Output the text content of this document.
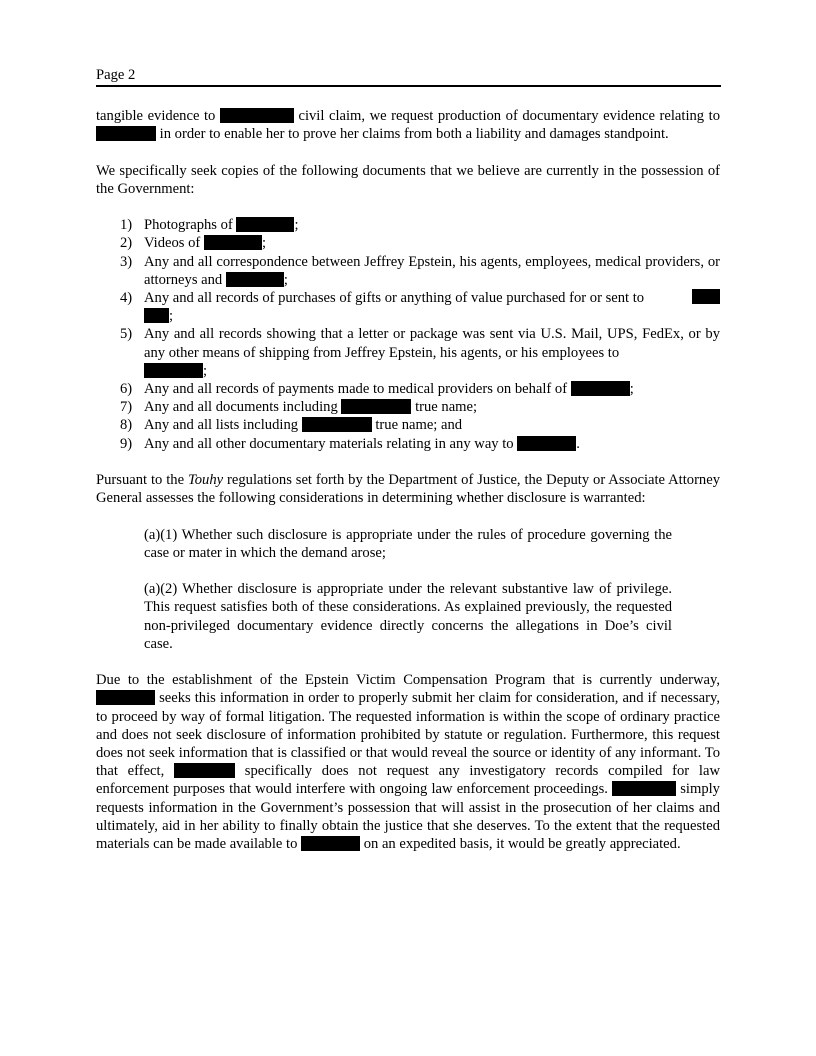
Page 2

tangible evidence to	civil claim, we request production of documentary evidence relating to  in order to enable her to prove her claims from both a liability and damages standpoint.

We specifically seek copies of the following documents that we believe are currently in the possession of the Government:

1) Photographs of	;
2) Videos of	;
3) Any and all correspondence between Jeffrey Epstein, his agents, employees, medical providers, or attorneys and	;
4) Any and all records of purchases of gifts or anything of value purchased for or sent to

;
5) Any and all records showing that a letter or package was sent via U.S. Mail, UPS, FedEx, or by any other means of shipping from Jeffrey Epstein, his agents, or his employees to
;
6) Any and all records of payments made to medical providers on behalf of	;
7) Any and all documents including	true name;
8) Any and all lists including	true name; and
9) Any and all other documentary materials relating in any way to	.

Pursuant to the Touhy regulations set forth by the Department of Justice, the Deputy or Associate Attorney General assesses the following considerations in determining whether disclosure is warranted:

(a)(1) Whether such disclosure is appropriate under the rules of procedure governing the case or mater in which the demand arose;

(a)(2) Whether disclosure is appropriate under the relevant substantive law of privilege. This request satisfies both of these considerations. As explained previously, the requested non-privileged documentary evidence directly concerns the allegations in Doe’s civil case.

Due to the establishment of the Epstein Victim Compensation Program that is currently underway,  seeks this information in order to properly submit her claim for consideration, and if necessary, to proceed by way of formal litigation. The requested information is within the scope of ordinary practice and does not seek disclosure of information prohibited by statute or regulation. Furthermore, this request does not seek information that is classified or that would reveal the source or identity of any informant. To that effect,	specifically does not request any investigatory records compiled for law enforcement purposes that would interfere with ongoing law enforcement proceedings.	simply requests information in the Government’s possession that will assist in the prosecution of her claims and ultimately, aid in her ability to finally obtain the justice that she deserves. To the extent that the requested materials can be made available to	on an expedited basis, it would be greatly appreciated.
